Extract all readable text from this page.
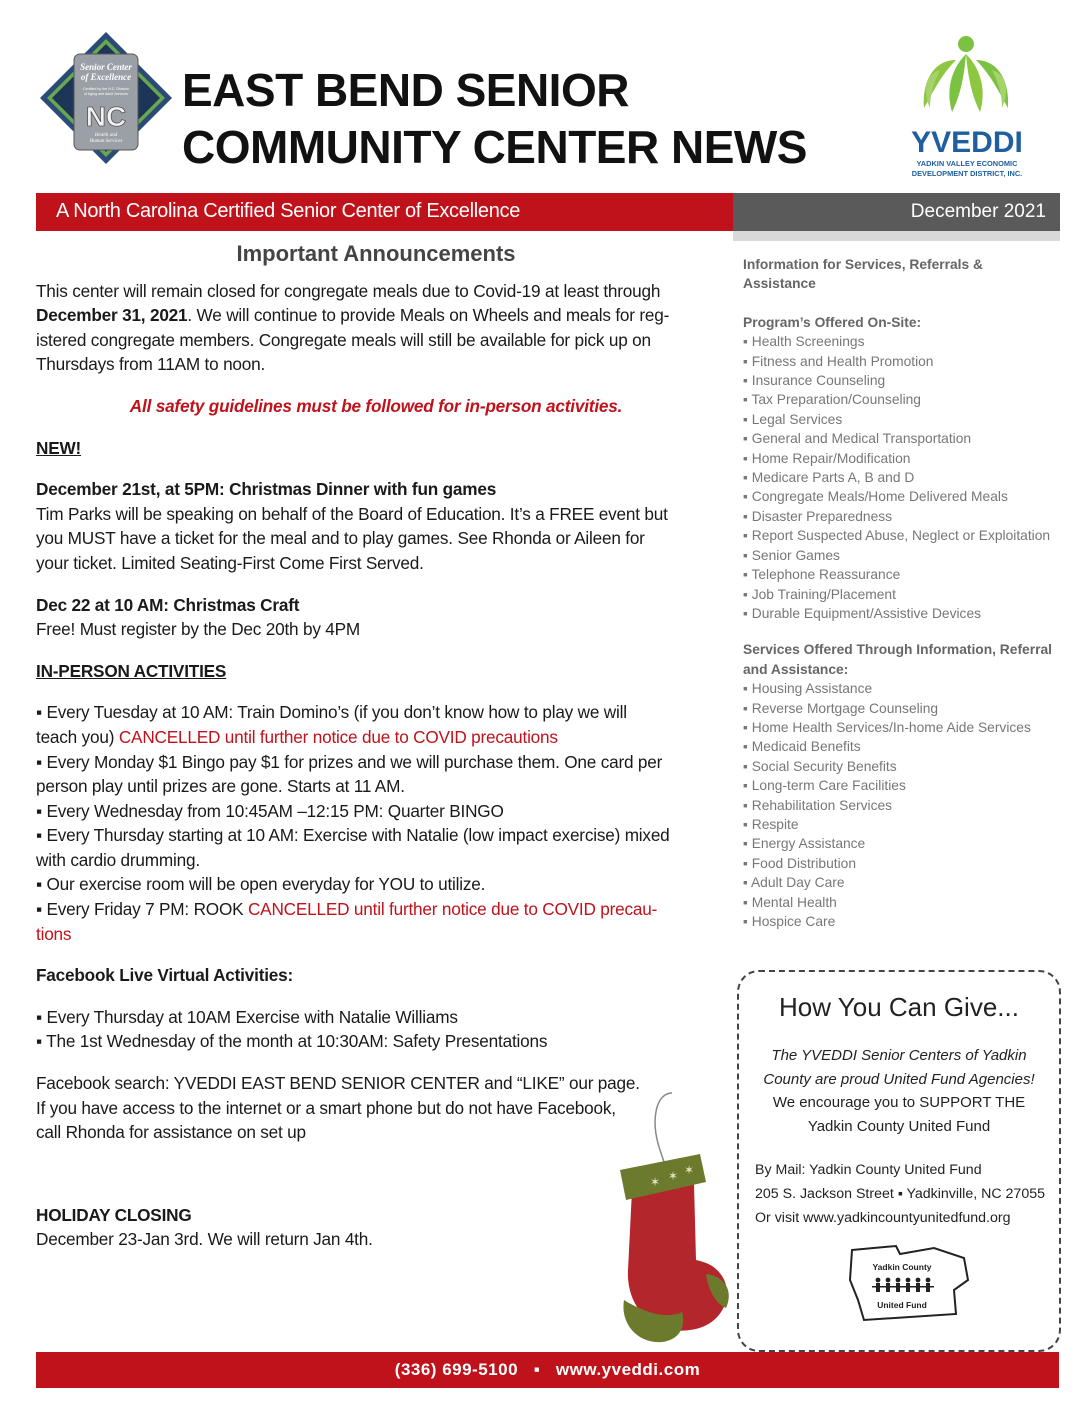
Senior Center
of Excellence
Certified by the N.C. Division
of Aging and Adult Services
NC
Health and
Human Services
EAST BEND SENIOR
COMMUNITY CENTER NEWS	YVEDDI
YADKIN VALLEY ECONOMIC
DEVELOPMENT DISTRICT, INC.
A North Carolina Certified Senior Center of Excellence	December 2021

Important Announcements

This center will remain closed for congregate meals due to Covid-19 at least through
December 31, 2021. We will continue to provide Meals on Wheels and meals for reg-
istered congregate members. Congregate meals will still be available for pick up on
Thursdays from 11AM to noon.

All safety guidelines must be followed for in-person activities.

NEW!

December 21st, at 5PM: Christmas Dinner with fun games
Tim Parks will be speaking on behalf of the Board of Education. It’s a FREE event but
you MUST have a ticket for the meal and to play games. See Rhonda or Aileen for
your ticket. Limited Seating-First Come First Served.

Dec 22 at 10 AM: Christmas Craft
Free! Must register by the Dec 20th by 4PM

IN-PERSON ACTIVITIES

▪ Every Tuesday at 10 AM: Train Domino’s (if you don’t know how to play we will
teach you) CANCELLED until further notice due to COVID precautions
▪ Every Monday $1 Bingo pay $1 for prizes and we will purchase them. One card per
person play until prizes are gone. Starts at 11 AM.
▪ Every Wednesday from 10:45AM –12:15 PM: Quarter BINGO
▪ Every Thursday starting at 10 AM: Exercise with Natalie (low impact exercise) mixed
with cardio drumming.
▪ Our exercise room will be open everyday for YOU to utilize.
▪ Every Friday 7 PM: ROOK CANCELLED until further notice due to COVID precau-
tions

Facebook Live Virtual Activities:

▪ Every Thursday at 10AM Exercise with Natalie Williams
▪ The 1st Wednesday of the month at 10:30AM: Safety Presentations

Facebook search: YVEDDI EAST BEND SENIOR CENTER and “LIKE” our page.
If you have access to the internet or a smart phone but do not have Facebook,
call Rhonda for assistance on set up

HOLIDAY CLOSING
December 23-Jan 3rd. We will return Jan 4th.

✶ ✶ ✶
Information for Services, Referrals & Assistance
Program’s Offered On-Site:
▪ Health Screenings
▪ Fitness and Health Promotion
▪ Insurance Counseling
▪ Tax Preparation/Counseling
▪ Legal Services
▪ General and Medical Transportation
▪ Home Repair/Modification
▪ Medicare Parts A, B and D
▪ Congregate Meals/Home Delivered Meals
▪ Disaster Preparedness
▪ Report Suspected Abuse, Neglect or Exploitation
▪ Senior Games
▪ Telephone Reassurance
▪ Job Training/Placement
▪ Durable Equipment/Assistive Devices
Services Offered Through Information, Referral and Assistance:
▪ Housing Assistance
▪ Reverse Mortgage Counseling
▪ Home Health Services/In-home Aide Services
▪ Medicaid Benefits
▪ Social Security Benefits
▪ Long-term Care Facilities
▪ Rehabilitation Services
▪ Respite
▪ Energy Assistance
▪ Food Distribution
▪ Adult Day Care
▪ Mental Health
▪ Hospice Care
How You Can Give...
The YVEDDI Senior Centers of Yadkin
County are proud United Fund Agencies!
We encourage you to SUPPORT THE
Yadkin County United Fund
By Mail: Yadkin County United Fund
205 S. Jackson Street ▪ Yadkinville, NC 27055
Or visit www.yadkincountyunitedfund.org
Yadkin County
United Fund
(336) 699-5100   ▪   www.yveddi.com
